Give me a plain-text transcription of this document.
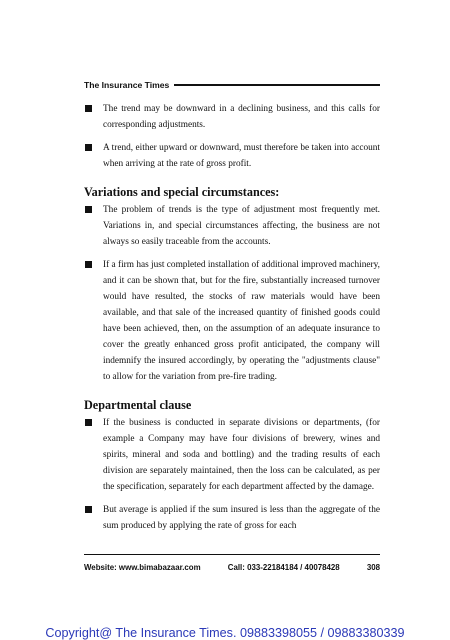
The Insurance Times
The trend may be downward in a declining business, and this calls for corresponding adjustments.
A trend, either upward or downward, must therefore be taken into account when arriving at the rate of gross profit.
Variations and special circumstances:
The problem of trends is the type of adjustment most frequently met. Variations in, and special circumstances affecting, the business are not always so easily traceable from the accounts.
If a firm has just completed installation of additional improved machinery, and it can be shown that, but for the fire, substantially increased turnover would have resulted, the stocks of raw materials would have been available, and that sale of the increased quantity of finished goods could have been achieved, then, on the assumption of an adequate insurance to cover the greatly enhanced gross profit anticipated, the company will indemnify the insured accordingly, by operating the "adjustments clause" to allow for the variation from pre-fire trading.
Departmental clause
If the business is conducted in separate divisions or departments, (for example a Company may have four divisions of brewery, wines and spirits, mineral and soda and bottling) and the trading results of each division are separately maintained, then the loss can be calculated, as per the specification, separately for each department affected by the damage.
But average is applied if the sum insured is less than the aggregate of the sum produced by applying the rate of gross for each
Website: www.bimabazaar.com	Call: 033-22184184 / 40078428	308
Copyright@ The Insurance Times. 09883398055 / 09883380339
